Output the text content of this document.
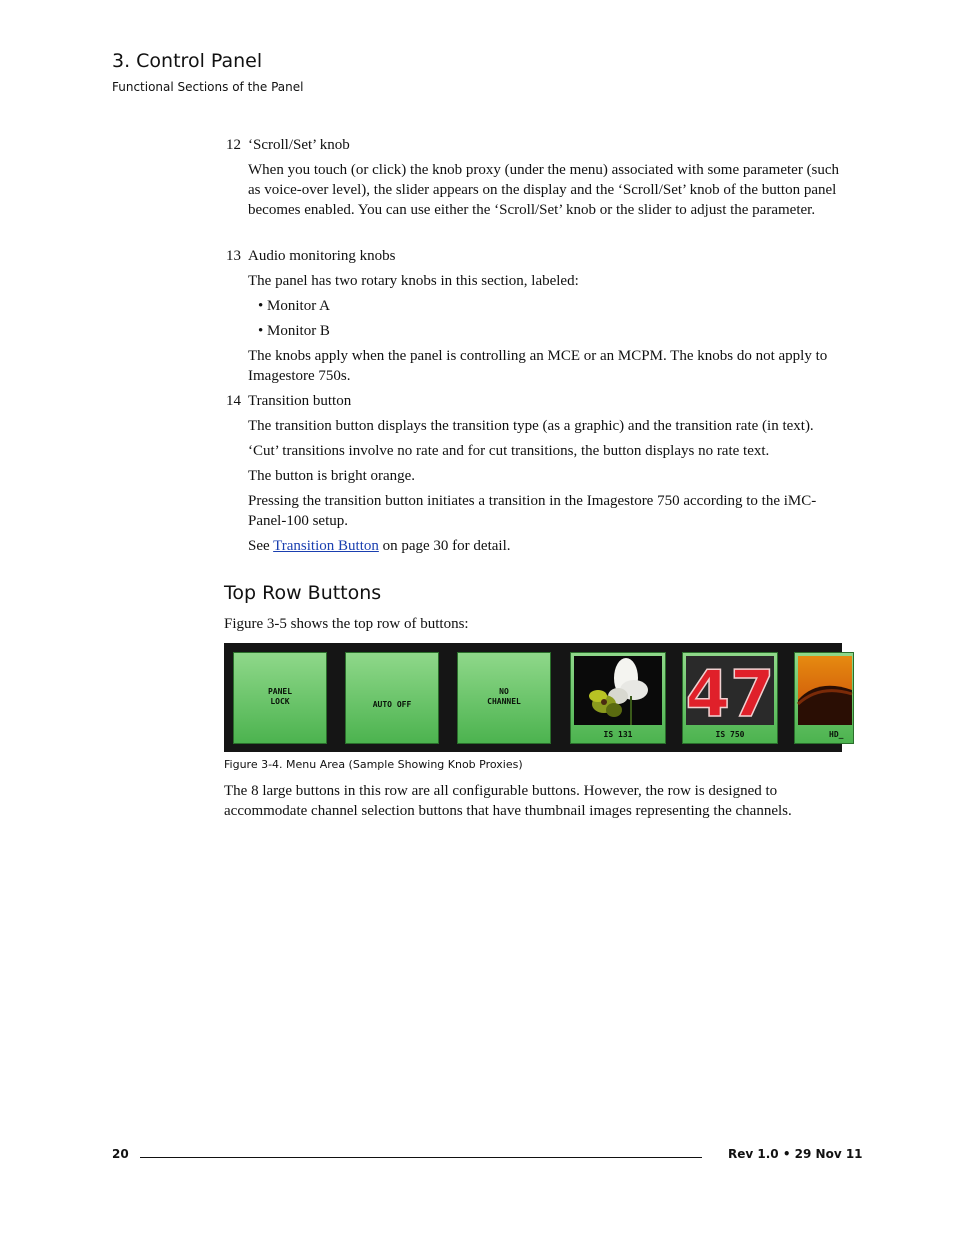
3. Control Panel
Functional Sections of the Panel
12 ‘Scroll/Set’ knob
When you touch (or click) the knob proxy (under the menu) associated with some parameter (such as voice-over level), the slider appears on the display and the ‘Scroll/Set’ knob of the button panel becomes enabled. You can use either the ‘Scroll/Set’ knob or the slider to adjust the parameter.
13 Audio monitoring knobs
The panel has two rotary knobs in this section, labeled:
• Monitor A
• Monitor B
The knobs apply when the panel is controlling an MCE or an MCPM. The knobs do not apply to Imagestore 750s.
14 Transition button
The transition button displays the transition type (as a graphic) and the transition rate (in text).
‘Cut’ transitions involve no rate and for cut transitions, the button displays no rate text.
The button is bright orange.
Pressing the transition button initiates a transition in the Imagestore 750 according to the iMC-Panel-100 setup.
See Transition Button on page 30 for detail.
Top Row Buttons
Figure 3-5 shows the top row of buttons:
PANEL
LOCK	AUTO OFF
NO
CHANNEL
IS 131
47
IS 750	HD_
Figure 3-4. Menu Area (Sample Showing Knob Proxies)
The 8 large buttons in this row are all configurable buttons. However, the row is designed to accommodate channel selection buttons that have thumbnail images representing the channels.
20	Rev 1.0 • 29 Nov 11
